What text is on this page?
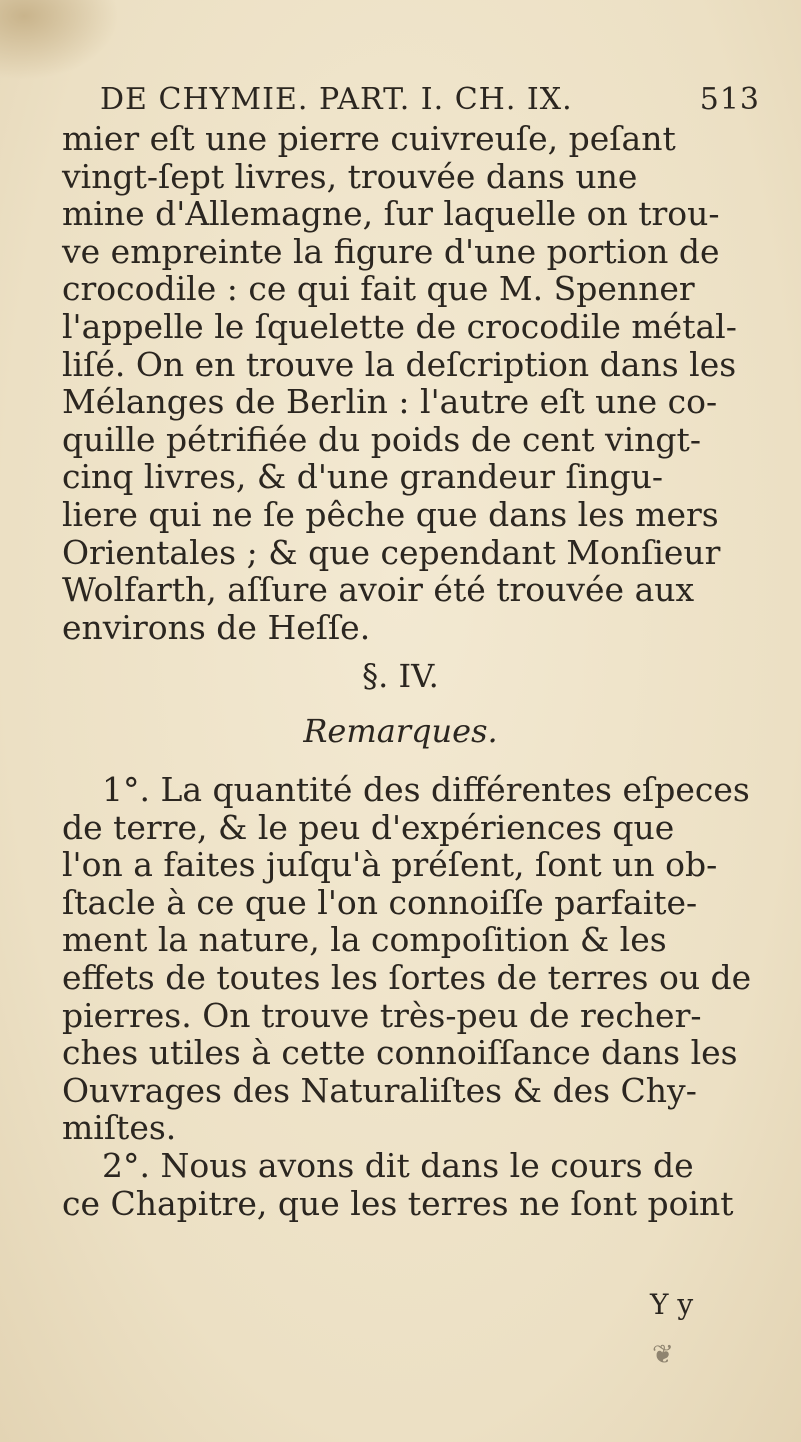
DE CHYMIE. PART. I. CH. IX.	513
mier eſt une pierre cuivreuſe, peſant
vingt-ſept livres, trouvée dans une
mine d'Allemagne, ſur laquelle on trou-
ve empreinte la figure d'une portion de
crocodile : ce qui fait que M. Spenner
l'appelle le ſquelette de crocodile métal-
liſé. On en trouve la deſcription dans les
Mélanges de Berlin : l'autre eſt une co-
quille pétrifiée du poids de cent vingt-
cinq livres, & d'une grandeur ſingu-
liere qui ne ſe pêche que dans les mers
Orientales ; & que cependant Monſieur
Wolfarth, aſſure avoir été trouvée aux
environs de Heſſe.
§. IV.
Remarques.
1°. La quantité des différentes eſpeces
de terre, & le peu d'expériences que
l'on a faites juſqu'à préſent, ſont un ob-
ſtacle à ce que l'on connoiſſe parfaite-
ment la nature, la compoſition & les
effets de toutes les ſortes de terres ou de
pierres. On trouve très-peu de recher-
ches utiles à cette connoiſſance dans les
Ouvrages des Naturaliſtes & des Chy-
miſtes.
2°. Nous avons dit dans le cours de
ce Chapitre, que les terres ne ſont point
Y y
❦
